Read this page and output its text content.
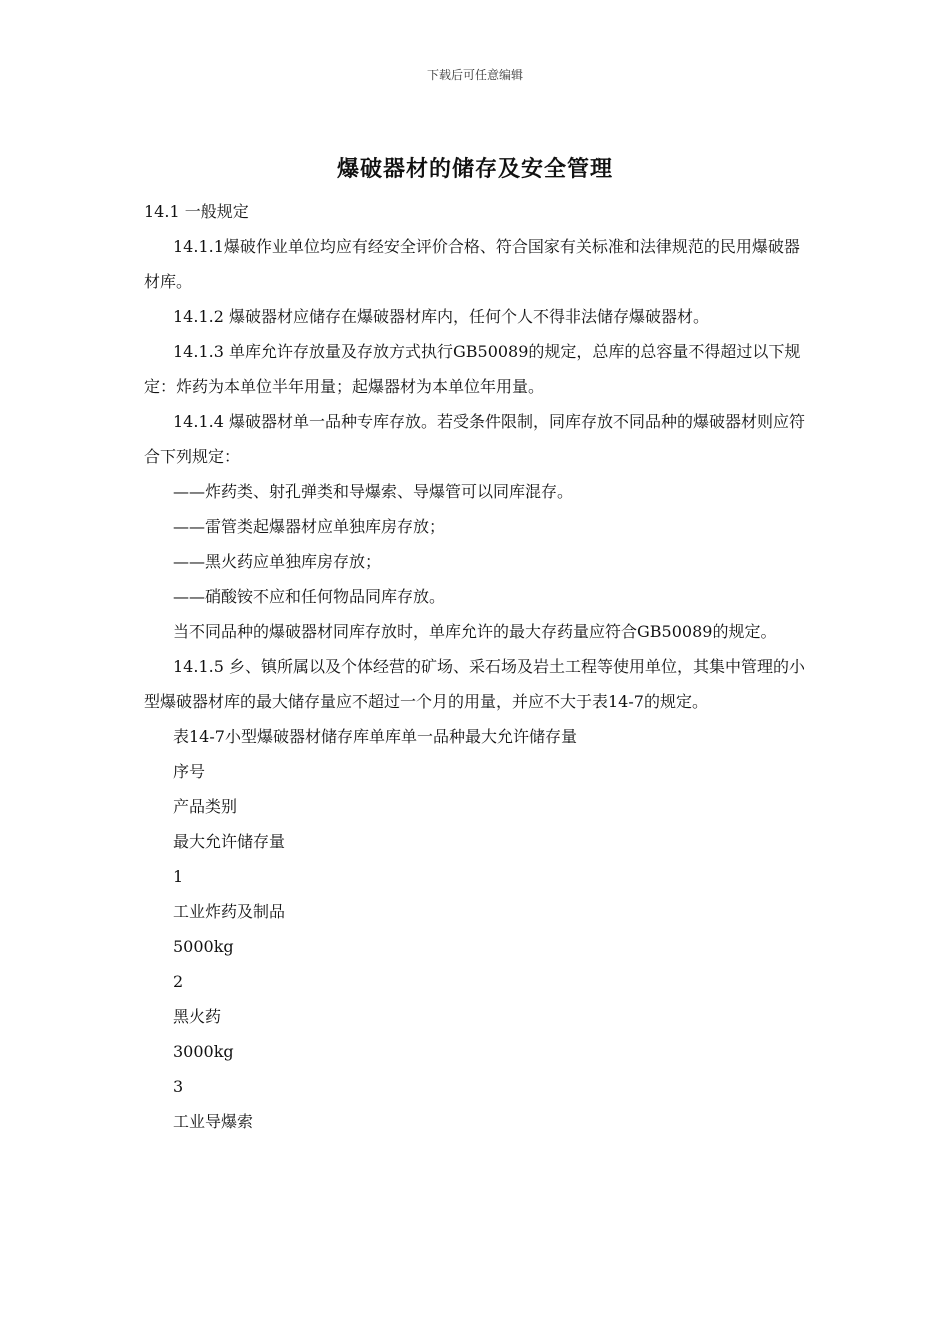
下载后可任意编辑
爆破器材的储存及安全管理

14.1 一般规定

14.1.1爆破作业单位均应有经安全评价合格、符合国家有关标准和法律规范的民用爆破器材库。

14.1.2 爆破器材应储存在爆破器材库内，任何个人不得非法储存爆破器材。

14.1.3 单库允许存放量及存放方式执行GB50089的规定，总库的总容量不得超过以下规定：炸药为本单位半年用量；起爆器材为本单位年用量。

14.1.4 爆破器材单一品种专库存放。若受条件限制，同库存放不同品种的爆破器材则应符合下列规定：

——炸药类、射孔弹类和导爆索、导爆管可以同库混存。

——雷管类起爆器材应单独库房存放；

——黑火药应单独库房存放；

——硝酸铵不应和任何物品同库存放。

当不同品种的爆破器材同库存放时，单库允许的最大存药量应符合GB50089的规定。

14.1.5 乡、镇所属以及个体经营的矿场、采石场及岩土工程等使用单位，其集中管理的小型爆破器材库的最大储存量应不超过一个月的用量，并应不大于表14-7的规定。

表14-7小型爆破器材储存库单库单一品种最大允许储存量

序号

产品类别

最大允许储存量

1

工业炸药及制品

5000kg

2

黑火药

3000kg

3

工业导爆索
